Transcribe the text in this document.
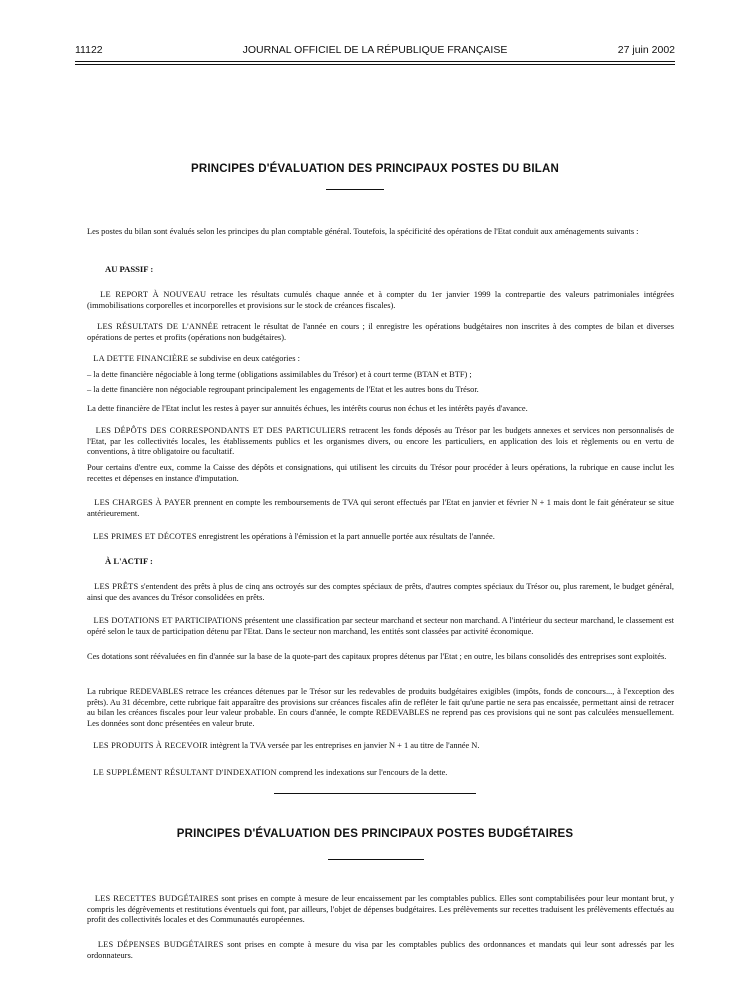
11122	JOURNAL OFFICIEL DE LA RÉPUBLIQUE FRANÇAISE	27 juin 2002
PRINCIPES D'ÉVALUATION DES PRINCIPAUX POSTES DU BILAN

Les postes du bilan sont évalués selon les principes du plan comptable général. Toutefois, la spécificité des opérations de l'Etat conduit aux aménagements suivants :

AU PASSIF :

LE REPORT À NOUVEAU retrace les résultats cumulés chaque année et à compter du 1er janvier 1999 la contrepartie des valeurs patrimoniales intégrées (immobilisations corporelles et incorporelles et provisions sur le stock de créances fiscales).

LES RÉSULTATS DE L'ANNÉE retracent le résultat de l'année en cours ; il enregistre les opérations budgétaires non inscrites à des comptes de bilan et diverses opérations de pertes et profits (opérations non budgétaires).

LA DETTE FINANCIÈRE se subdivise en deux catégories :

– la dette financière négociable à long terme (obligations assimilables du Trésor) et à court terme (BTAN et BTF) ;

– la dette financière non négociable regroupant principalement les engagements de l'Etat et les autres bons du Trésor.

La dette financière de l'Etat inclut les restes à payer sur annuités échues, les intérêts courus non échus et les intérêts payés d'avance.

LES DÉPÔTS DES CORRESPONDANTS ET DES PARTICULIERS retracent les fonds déposés au Trésor par les budgets annexes et services non personnalisés de l'Etat, par les collectivités locales, les établissements publics et les organismes divers, ou encore les particuliers, en application des lois et règlements ou en vertu de conventions, à titre obligatoire ou facultatif.

Pour certains d'entre eux, comme la Caisse des dépôts et consignations, qui utilisent les circuits du Trésor pour procéder à leurs opérations, la rubrique en cause inclut les recettes et dépenses en instance d'imputation.

LES CHARGES À PAYER prennent en compte les remboursements de TVA qui seront effectués par l'Etat en janvier et février N + 1 mais dont le fait générateur se situe antérieurement.

LES PRIMES ET DÉCOTES enregistrent les opérations à l'émission et la part annuelle portée aux résultats de l'année.

À L'ACTIF :

LES PRÊTS s'entendent des prêts à plus de cinq ans octroyés sur des comptes spéciaux de prêts, d'autres comptes spéciaux du Trésor ou, plus rarement, le budget général, ainsi que des avances du Trésor consolidées en prêts.

LES DOTATIONS ET PARTICIPATIONS présentent une classification par secteur marchand et secteur non marchand. A l'intérieur du secteur marchand, le classement est opéré selon le taux de participation détenu par l'Etat. Dans le secteur non marchand, les entités sont classées par activité économique.

Ces dotations sont réévaluées en fin d'année sur la base de la quote-part des capitaux propres détenus par l'Etat ; en outre, les bilans consolidés des entreprises sont exploités.

La rubrique REDEVABLES retrace les créances détenues par le Trésor sur les redevables de produits budgétaires exigibles (impôts, fonds de concours..., à l'exception des prêts). Au 31 décembre, cette rubrique fait apparaître des provisions sur créances fiscales afin de refléter le fait qu'une partie ne sera pas encaissée, permettant ainsi de retracer au bilan les créances fiscales pour leur valeur probable. En cours d'année, le compte REDEVABLES ne reprend pas ces provisions qui ne sont pas calculées mensuellement. Les données sont donc présentées en valeur brute.

LES PRODUITS À RECEVOIR intègrent la TVA versée par les entreprises en janvier N + 1 au titre de l'année N.

LE SUPPLÉMENT RÉSULTANT D'INDEXATION comprend les indexations sur l'encours de la dette.

PRINCIPES D'ÉVALUATION DES PRINCIPAUX POSTES BUDGÉTAIRES

LES RECETTES BUDGÉTAIRES sont prises en compte à mesure de leur encaissement par les comptables publics. Elles sont comptabilisées pour leur montant brut, y compris les dégrèvements et restitutions éventuels qui font, par ailleurs, l'objet de dépenses budgétaires. Les prélèvements sur recettes traduisent les prélèvements effectués au profit des collectivités locales et des Communautés européennes.

LES DÉPENSES BUDGÉTAIRES sont prises en compte à mesure du visa par les comptables publics des ordonnances et mandats qui leur sont adressés par les ordonnateurs.
